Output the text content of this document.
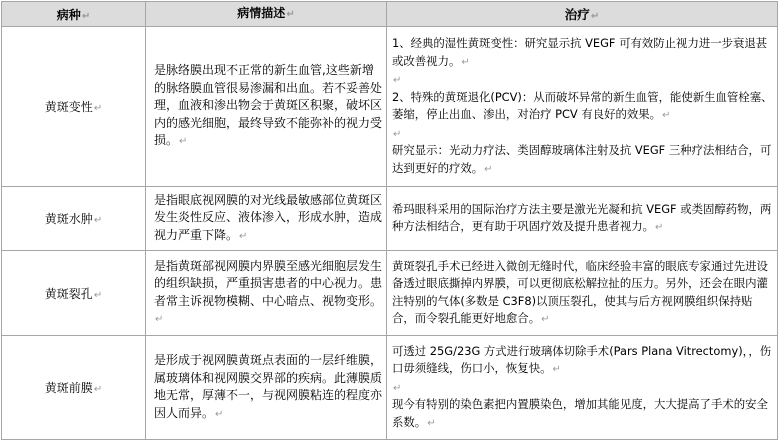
病种↵	病情描述↵	治疗↵
黄斑变性↵	是脉络膜出现不正常的新生血管,这些新增的脉络膜血管很易渗漏和出血。若不妥善处理，血液和渗出物会于黄斑区积聚，破坏区内的感光细胞，最终导致不能弥补的视力受损。↵	1、经典的湿性黄斑变性：研究显示抗 VEGF 可有效防止视力进一步衰退甚或改善视力。↵

↵

2、特殊的黄斑退化(PCV)：从而破坏异常的新生血管，能使新生血管栓塞、萎缩，停止出血、渗出，对治疗 PCV 有良好的效果。↵

↵

研究显示：光动力疗法、类固醇玻璃体注射及抗 VEGF 三种疗法相结合，可达到更好的疗效。↵

黄斑水肿↵	是指眼底视网膜的对光线最敏感部位黄斑区发生炎性反应、液体渗入，形成水肿，造成视力严重下降。↵	希玛眼科采用的国际治疗方法主要是激光光凝和抗 VEGF 或类固醇药物，两种方法相结合，更有助于巩固疗效及提升患者视力。↵

黄斑裂孔↵	是指黄斑部视网膜内界膜至感光细胞层发生的组织缺损，严重损害患者的中心视力。患者常主诉视物模糊、中心暗点、视物变形。↵	黄斑裂孔手术已经进入微创无缝时代，临床经验丰富的眼底专家通过先进设备透过眼底撕掉内界膜，可以更彻底松解拉扯的压力。另外，还会在眼内灌注特别的气体(多数是 C3F8)以顶压裂孔，使其与后方视网膜组织保持贴合，而令裂孔能更好地愈合。↵

黄斑前膜↵	是形成于视网膜黄斑点表面的一层纤维膜，属玻璃体和视网膜交界部的疾病。此薄膜质地无常，厚薄不一，与视网膜粘连的程度亦因人而异。↵	可透过 25G/23G 方式进行玻璃体切除手术(Pars Plana Vitrectomy)，，伤口毋须缝线，伤口小，恢复快。↵

↵

现今有特别的染色素把内置膜染色，增加其能见度，大大提高了手术的安全系数。↵
